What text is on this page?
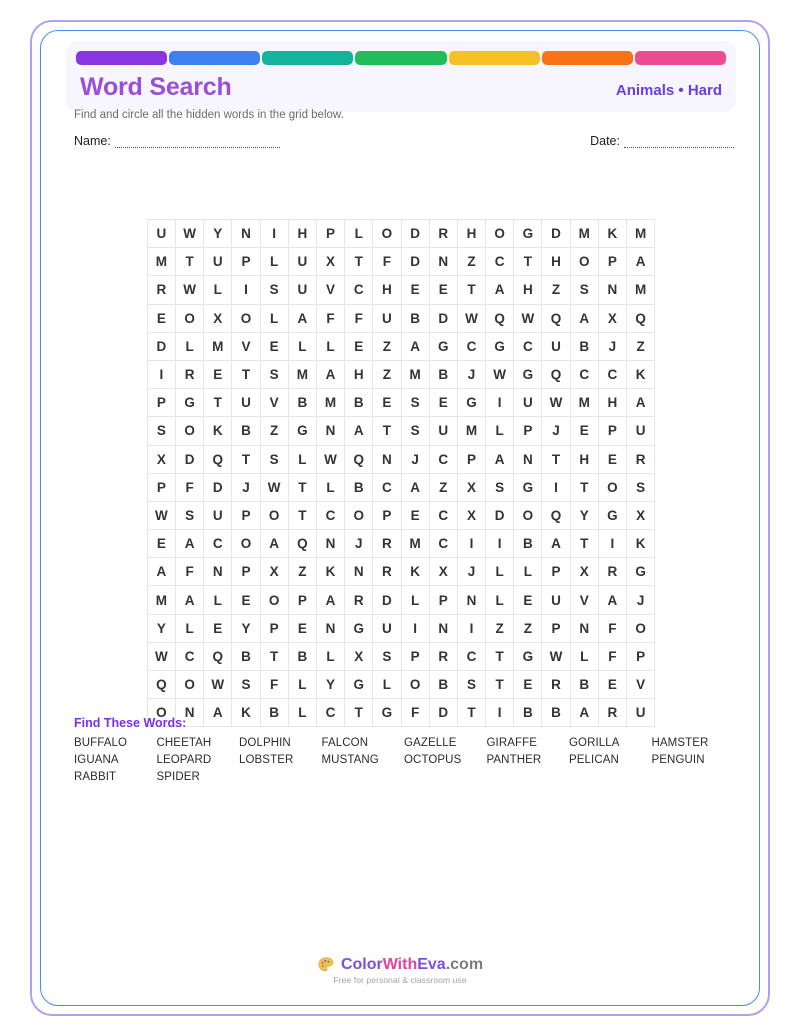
Word Search	Animals • Hard
Find and circle all the hidden words in the grid below.
Name:	Date:
U	W	Y	N	I	H	P	L	O	D	R	H	O	G	D	M	K	M
M	T	U	P	L	U	X	T	F	D	N	Z	C	T	H	O	P	A
R	W	L	I	S	U	V	C	H	E	E	T	A	H	Z	S	N	M
E	O	X	O	L	A	F	F	U	B	D	W	Q	W	Q	A	X	Q
D	L	M	V	E	L	L	E	Z	A	G	C	G	C	U	B	J	Z
I	R	E	T	S	M	A	H	Z	M	B	J	W	G	Q	C	C	K
P	G	T	U	V	B	M	B	E	S	E	G	I	U	W	M	H	A
S	O	K	B	Z	G	N	A	T	S	U	M	L	P	J	E	P	U
X	D	Q	T	S	L	W	Q	N	J	C	P	A	N	T	H	E	R
P	F	D	J	W	T	L	B	C	A	Z	X	S	G	I	T	O	S
W	S	U	P	O	T	C	O	P	E	C	X	D	O	Q	Y	G	X
E	A	C	O	A	Q	N	J	R	M	C	I	I	B	A	T	I	K
A	F	N	P	X	Z	K	N	R	K	X	J	L	L	P	X	R	G
M	A	L	E	O	P	A	R	D	L	P	N	L	E	U	V	A	J
Y	L	E	Y	P	E	N	G	U	I	N	I	Z	Z	P	N	F	O
W	C	Q	B	T	B	L	X	S	P	R	C	T	G	W	L	F	P
Q	O	W	S	F	L	Y	G	L	O	B	S	T	E	R	B	E	V
O	N	A	K	B	L	C	T	G	F	D	T	I	B	B	A	R	U
Find These Words:
BUFFALO	CHEETAH	DOLPHIN	FALCON	GAZELLE	GIRAFFE	GORILLA	HAMSTER
IGUANA	LEOPARD	LOBSTER	MUSTANG	OCTOPUS	PANTHER	PELICAN	PENGUIN
RABBIT	SPIDER
ColorWithEva.com
Free for personal & classroom use
